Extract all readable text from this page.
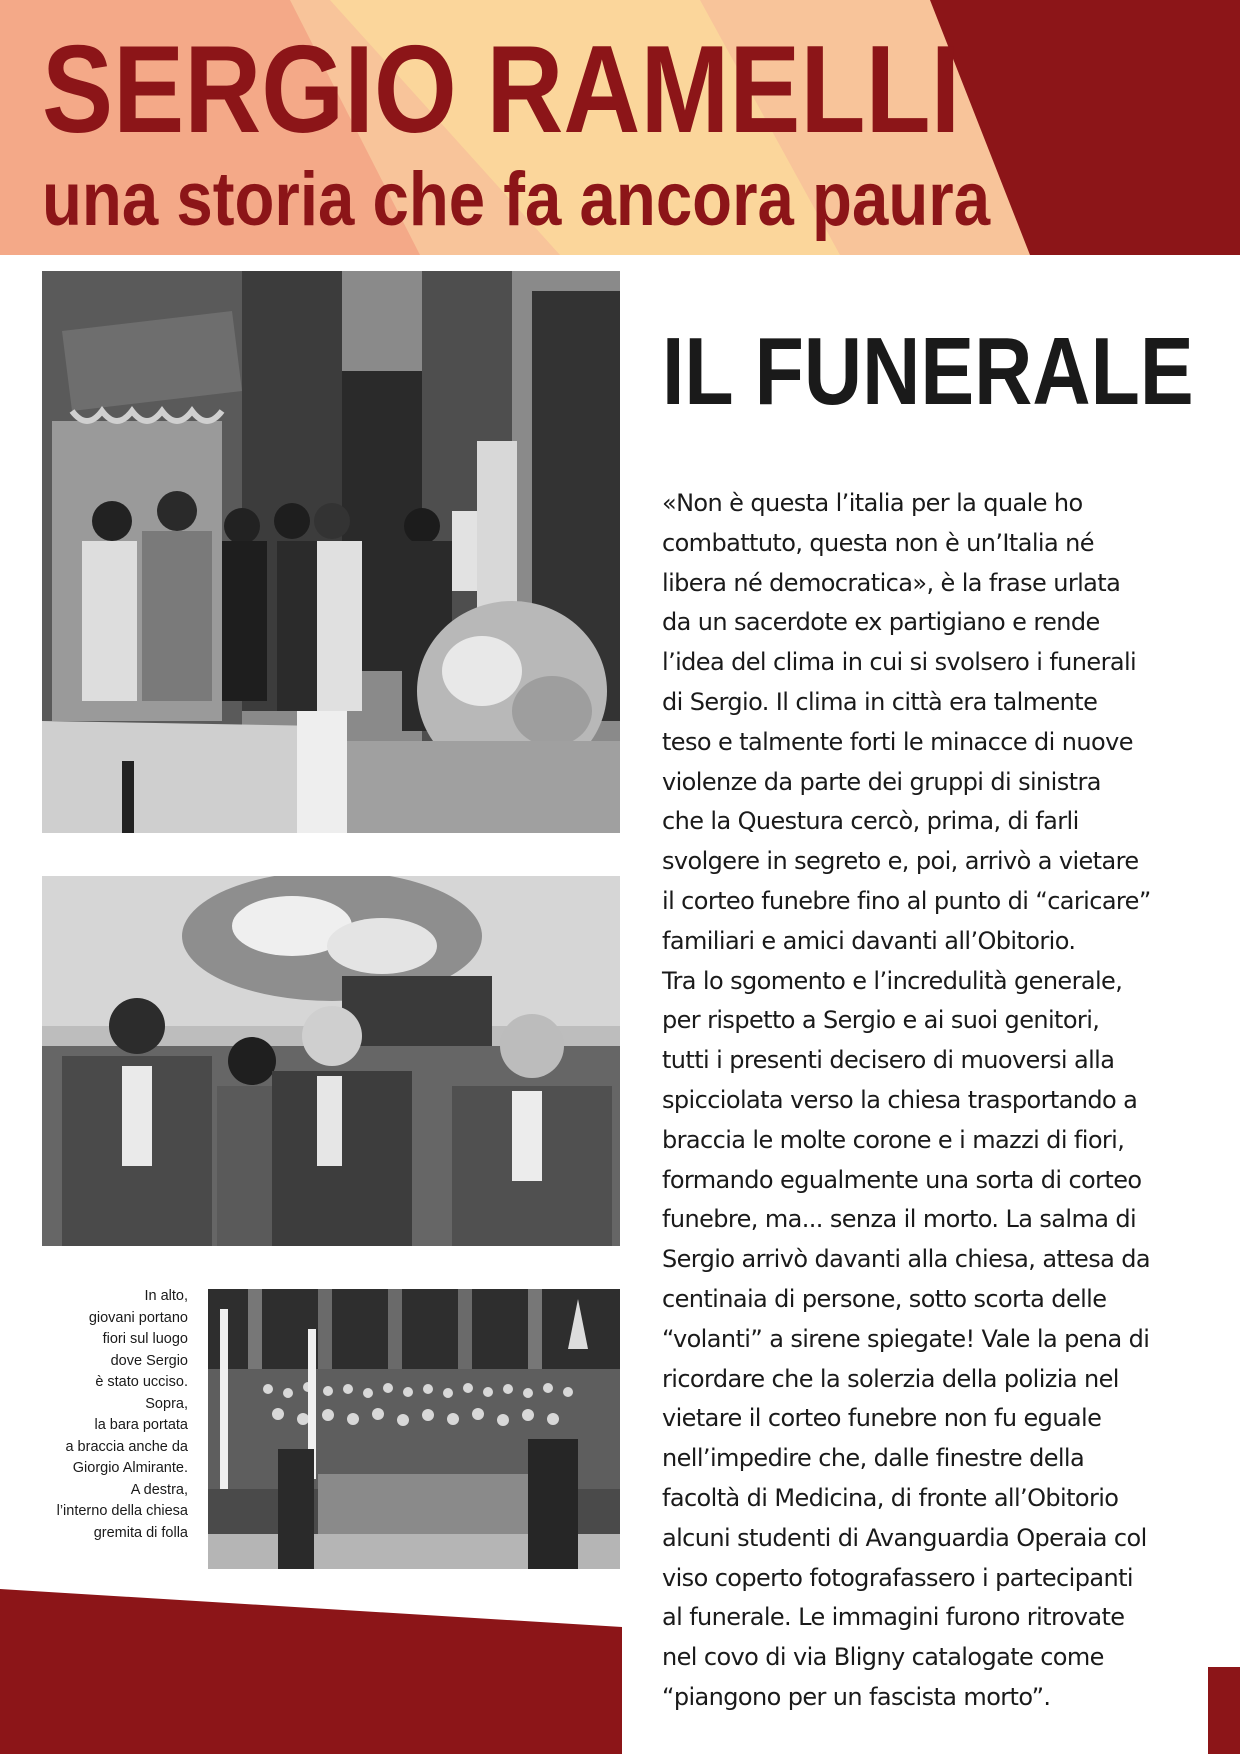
SERGIO RAMELLI
una storia che fa ancora paura
In alto,
giovani portano
fiori sul luogo
dove Sergio
è stato ucciso.
Sopra,
la bara portata
a braccia anche da
Giorgio Almirante.
A destra,
l’interno della chiesa
gremita di folla
IL FUNERALE
«Non è questa l’italia per la quale ho
combattuto, questa non è un’Italia né
libera né democratica», è la frase urlata
da un sacerdote ex partigiano e rende
l’idea del clima in cui si svolsero i funerali
di Sergio. Il clima in città era talmente
teso e talmente forti le minacce di nuove
violenze da parte dei gruppi di sinistra
che la Questura cercò, prima, di farli
svolgere in segreto e, poi, arrivò a vietare
il corteo funebre fino al punto di “caricare”
familiari e amici davanti all’Obitorio.
Tra lo sgomento e l’incredulità generale,
per rispetto a Sergio e ai suoi genitori,
tutti i presenti decisero di muoversi alla
spicciolata verso la chiesa trasportando a
braccia le molte corone e i mazzi di fiori,
formando egualmente una sorta di corteo
funebre, ma... senza il morto. La salma di
Sergio arrivò davanti alla chiesa, attesa da
centinaia di persone, sotto scorta delle
“volanti” a sirene spiegate! Vale la pena di
ricordare che la solerzia della polizia nel
vietare il corteo funebre non fu eguale
nell’impedire che, dalle finestre della
facoltà di Medicina, di fronte all’Obitorio
alcuni studenti di Avanguardia Operaia col
viso coperto fotografassero i partecipanti
al funerale. Le immagini furono ritrovate
nel covo di via Bligny catalogate come
“piangono per un fascista morto”.
